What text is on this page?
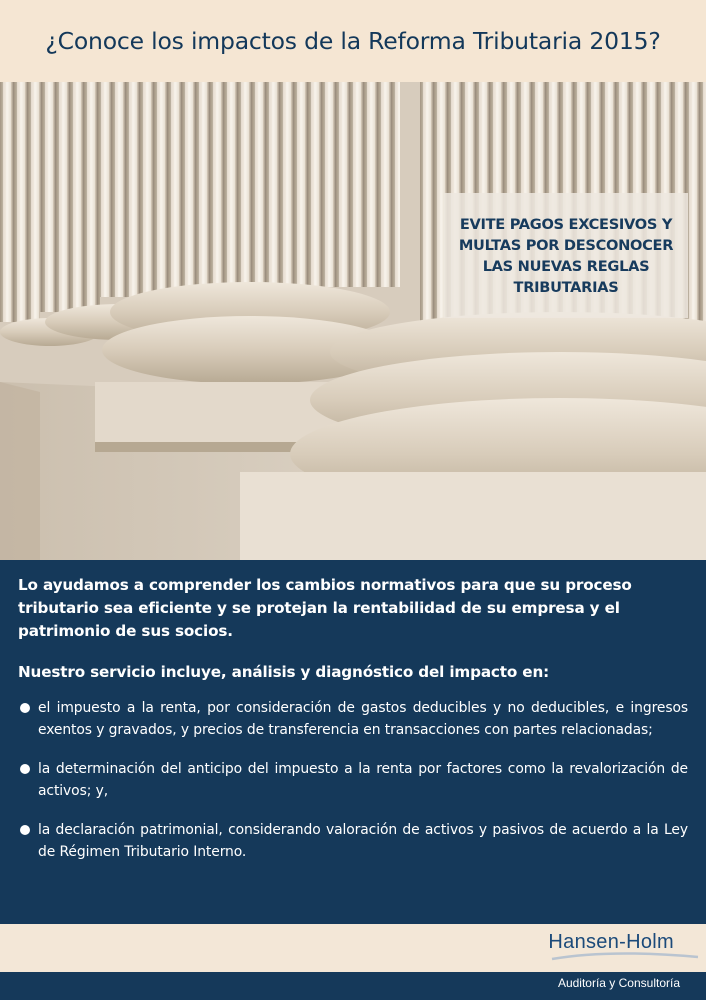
¿Conoce los impactos de la Reforma Tributaria 2015?

EVITE PAGOS EXCESIVOS Y
MULTAS POR DESCONOCER
LAS NUEVAS REGLAS
TRIBUTARIAS

Lo ayudamos a comprender los cambios normativos para que su proceso tributario sea eficiente y se protejan la rentabilidad de su empresa y el patrimonio de sus socios.

Nuestro servicio incluye, análisis y diagnóstico del impacto en:

el impuesto a la renta, por consideración de gastos deducibles y no deducibles, e ingresos exentos y gravados, y precios de transferencia en transacciones con partes relacionadas;
la determinación del anticipo del impuesto a la renta por factores como la revalorización de activos; y,
la declaración patrimonial, considerando valoración de activos y pasivos de acuerdo a la Ley de Régimen Tributario Interno.
Hansen-Holm
Auditoría y Consultoría
